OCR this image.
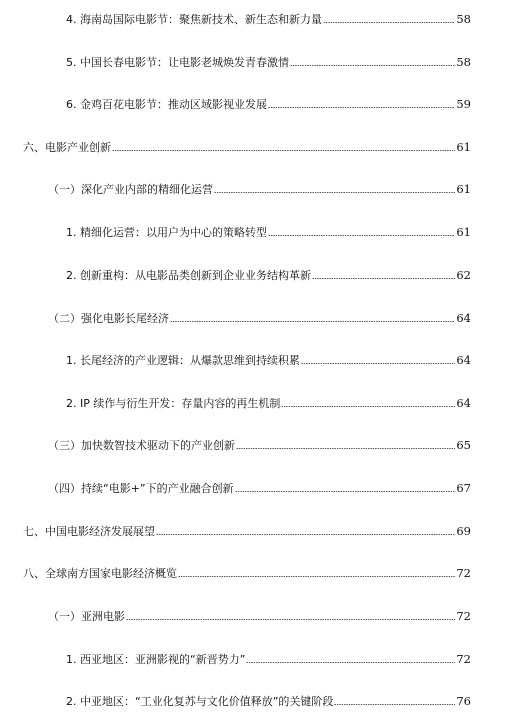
4. 海南岛国际电影节：聚焦新技术、新生态和新力量	58
5. 中国长春电影节：让电影老城焕发青春激情	58
6. 金鸡百花电影节：推动区域影视业发展	59
六、电影产业创新	61
（一）深化产业内部的精细化运营	61
1. 精细化运营：以用户为中心的策略转型	61
2. 创新重构：从电影品类创新到企业业务结构革新	62
（二）强化电影长尾经济	64
1. 长尾经济的产业逻辑：从爆款思维到持续积累	64
2. IP 续作与衍生开发：存量内容的再生机制	64
（三）加快数智技术驱动下的产业创新	65
（四）持续“电影+”下的产业融合创新	67
七、中国电影经济发展展望	69
八、全球南方国家电影经济概览	72
（一）亚洲电影	72
1. 西亚地区：亚洲影视的“新晋势力”	72
2. 中亚地区：“工业化复苏与文化价值释放”的关键阶段	76
